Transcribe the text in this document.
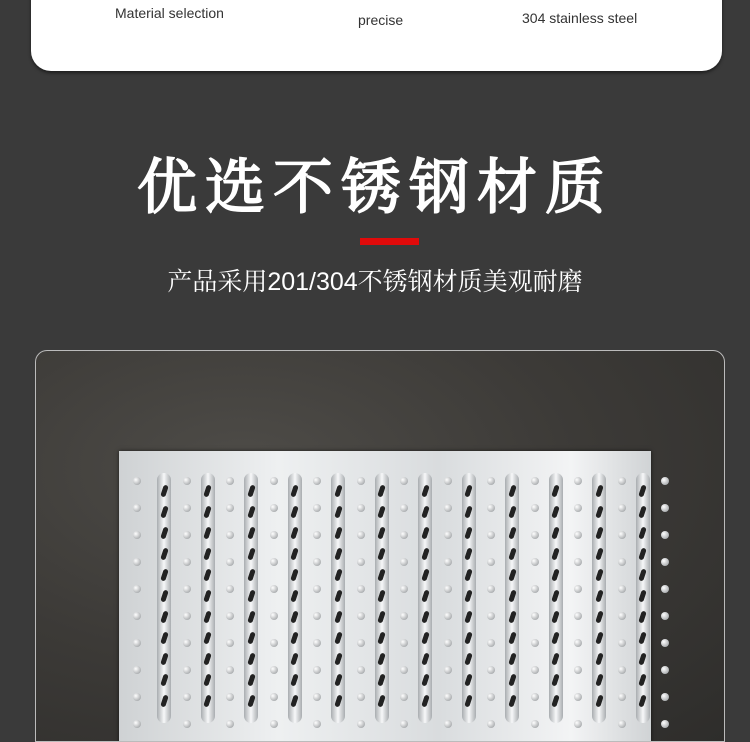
Material selection	precise	304 stainless steel
优选不锈钢材质
产品采用201/304不锈钢材质美观耐磨
